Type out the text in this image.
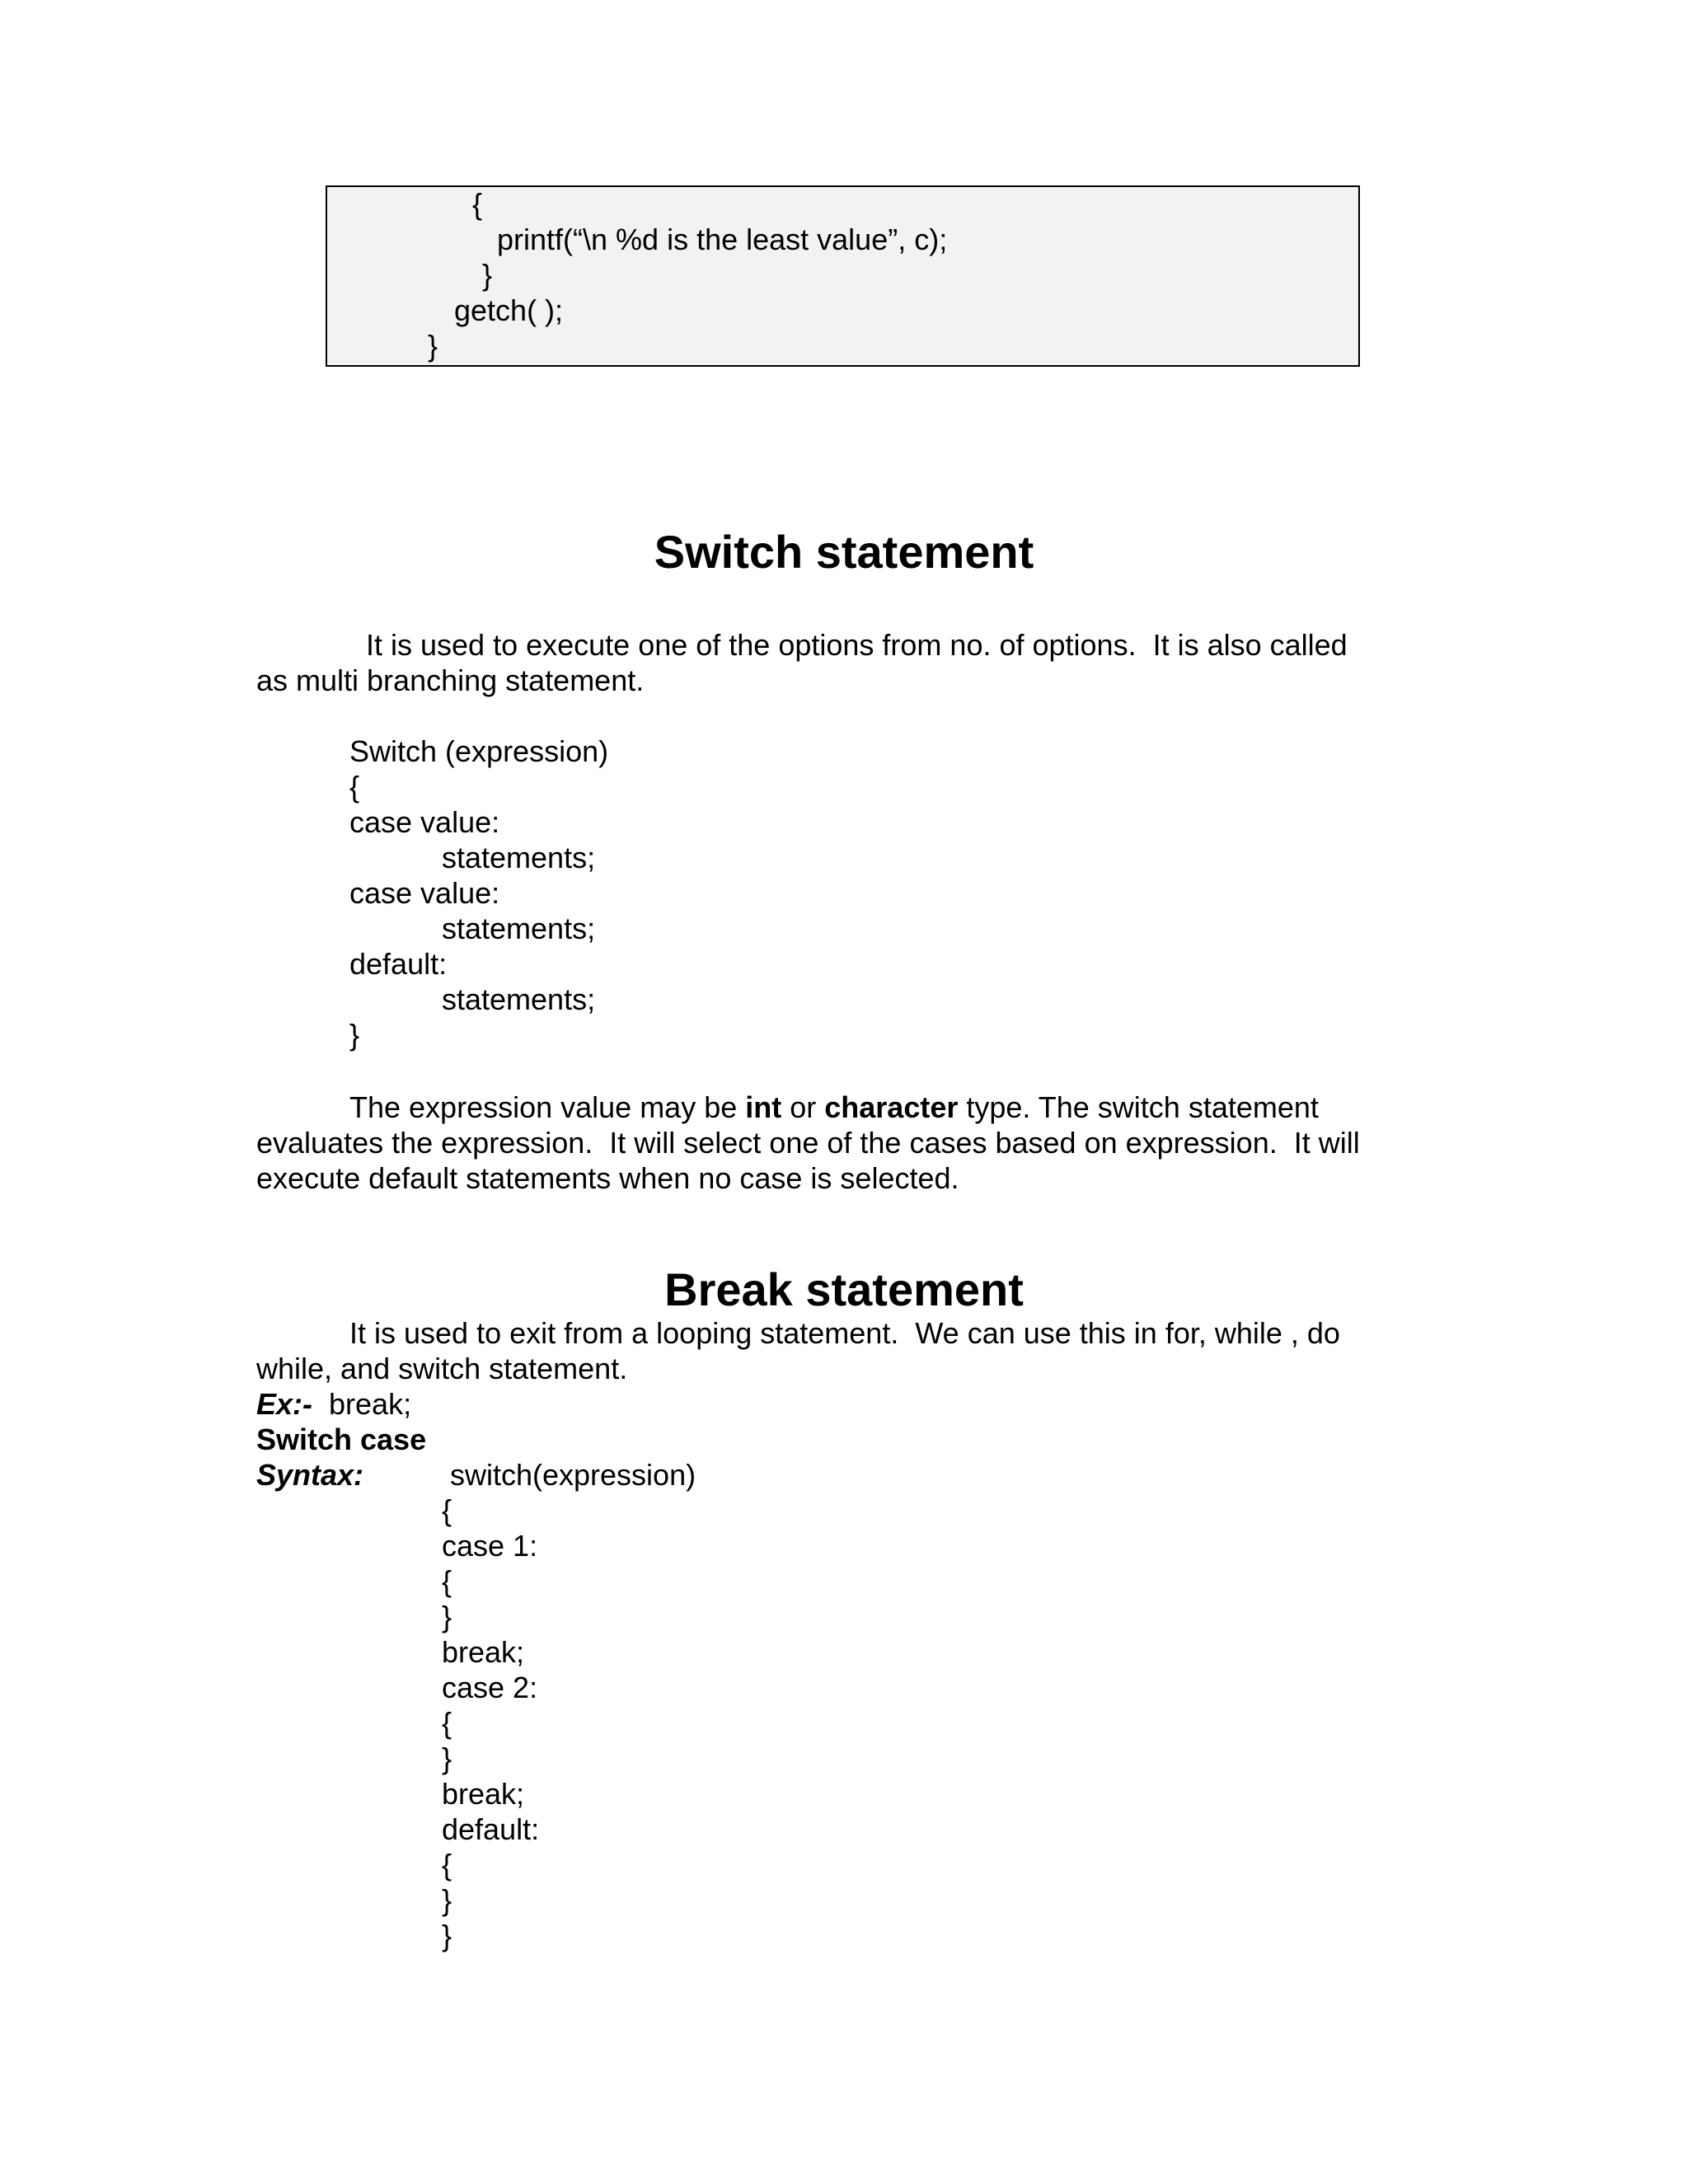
{
printf(“\n %d is the least value”, c);
}
getch( );
}
Switch statement
It is used to execute one of the options from no. of options.  It is also called
as multi branching statement.
Switch (expression)
{
case value:
statements;
case value:
statements;
default:
statements;
}
The expression value may be int or character type. The switch statement
evaluates the expression.  It will select one of the cases based on expression.  It will
execute default statements when no case is selected.
Break statement
It is used to exit from a looping statement.  We can use this in for, while , do
while, and switch statement.
Ex:- break;
Switch case
Syntax:	switch(expression)
{
case 1:
{
}
break;
case 2:
{
}
break;
default:
{
}
}
